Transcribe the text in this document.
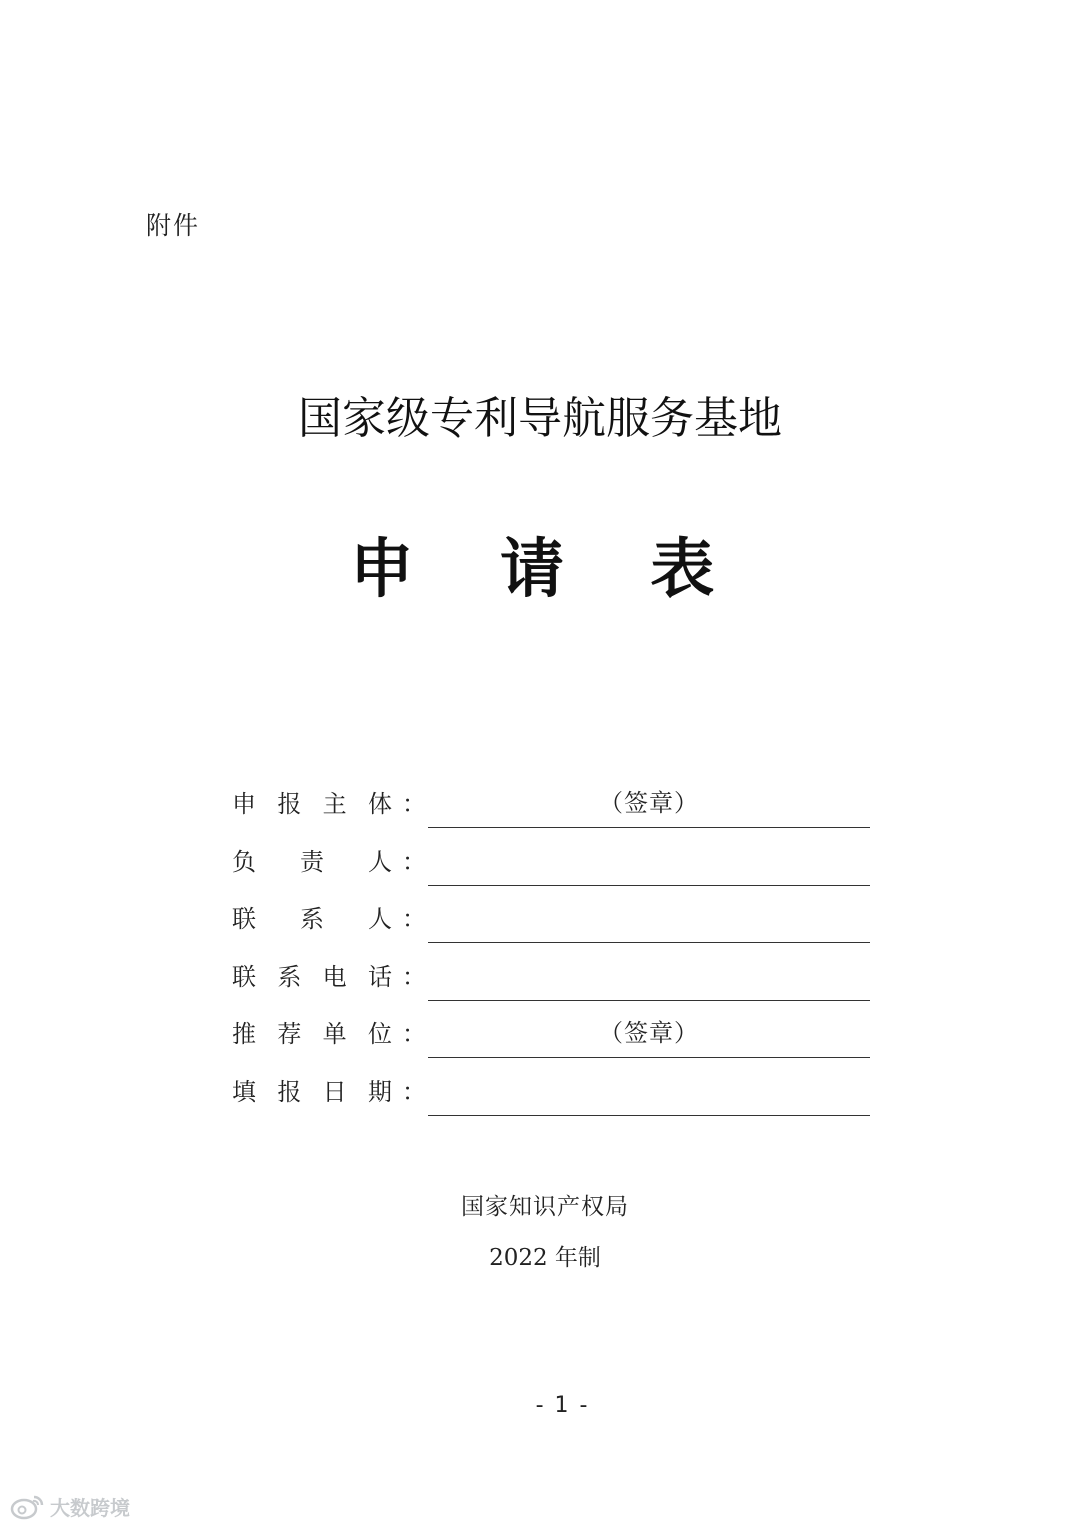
附件
国家级专利导航服务基地
申 请 表
申 报 主 体 ：	（签章）
负 责 人 ：
联 系 人 ：
联 系 电 话 ：
推 荐 单 位 ：	（签章）
填 报 日 期 ：
国家知识产权局
2022 年制
- 1 -
大数跨境
